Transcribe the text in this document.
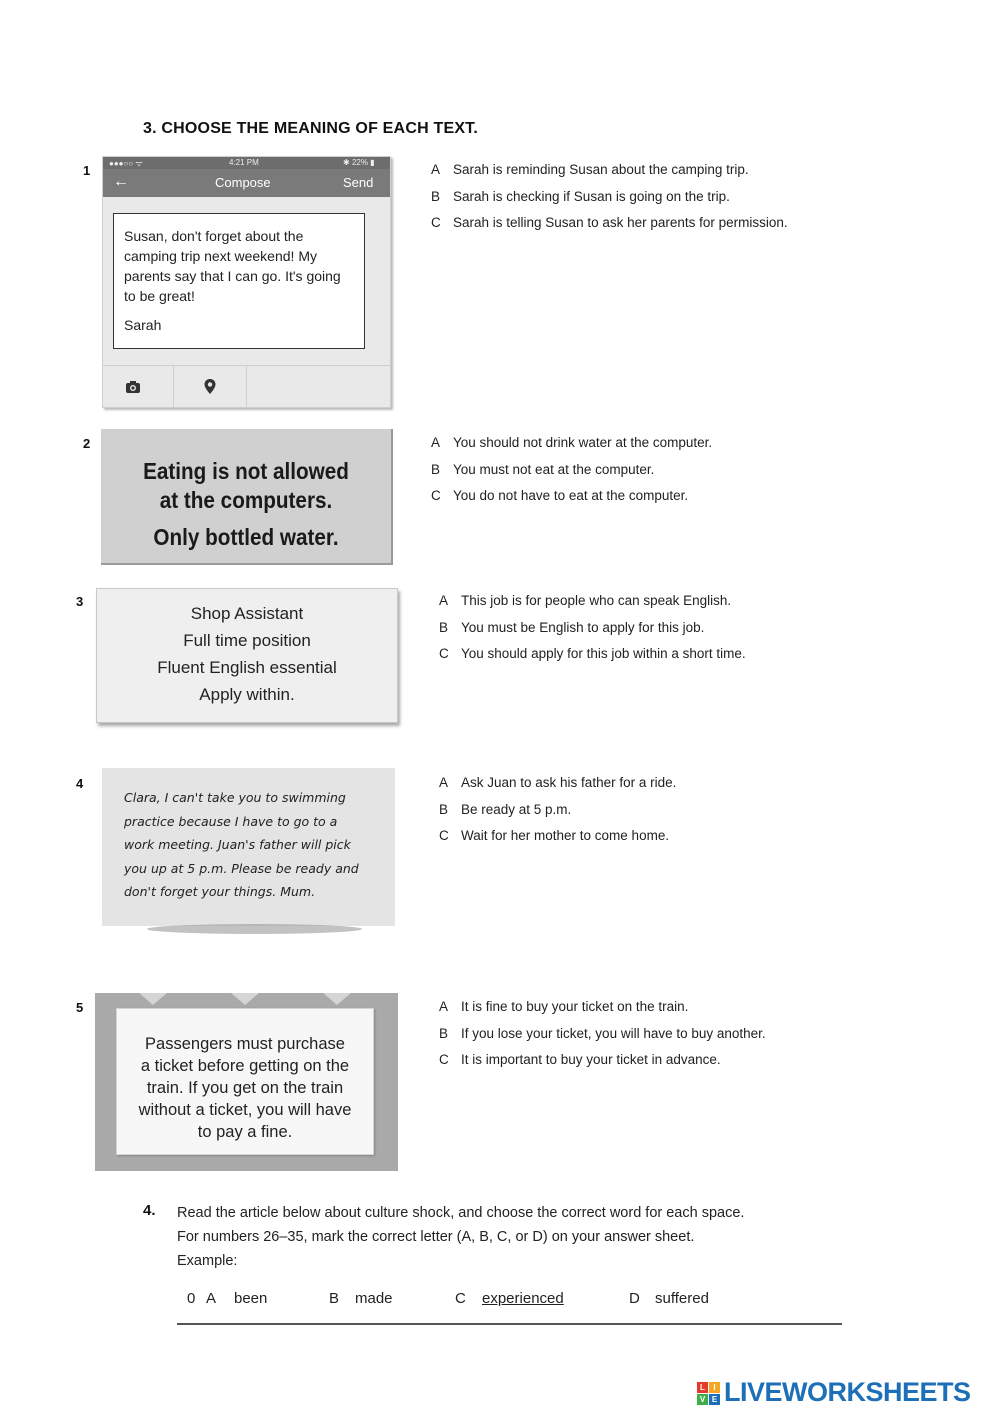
3. CHOOSE THE MEANING OF EACH TEXT.
1 ●●●○○ ᯤ	4:21 PM	✱ 22% ▮
←	Compose	Send
Susan, don't forget about the
camping trip next weekend! My
parents say that I can go. It's going
to be great!
Sarah
A Sarah is reminding Susan about the camping trip.
B Sarah is checking if Susan is going on the trip.
C Sarah is telling Susan to ask her parents for permission.
2
Eating is not allowed
at the computers.
Only bottled water.
A You should not drink water at the computer.
B You must not eat at the computer.
C You do not have to eat at the computer.
3
Shop Assistant
Full time position
Fluent English essential
Apply within.
A This job is for people who can speak English.
B You must be English to apply for this job.
C You should apply for this job within a short time.
4
Clara, I can't take you to swimming
practice because I have to go to a
work meeting. Juan's father will pick
you up at 5 p.m. Please be ready and
don't forget your things. Mum.
A Ask Juan to ask his father for a ride.
B Be ready at 5 p.m.
C Wait for her mother to come home.
5
Passengers must purchase
a ticket before getting on the
train. If you get on the train
without a ticket, you will have
to pay a fine.
A It is fine to buy your ticket on the train.
B If you lose your ticket, you will have to buy another.
C It is important to buy your ticket in advance.
4. Read the article below about culture shock, and choose the correct word for each space.
For numbers 26–35, mark the correct letter (A, B, C, or D) on your answer sheet.
Example:
0 A been	B made	C experienced	D suffered
L	I
V E LIVEWORKSHEETS
